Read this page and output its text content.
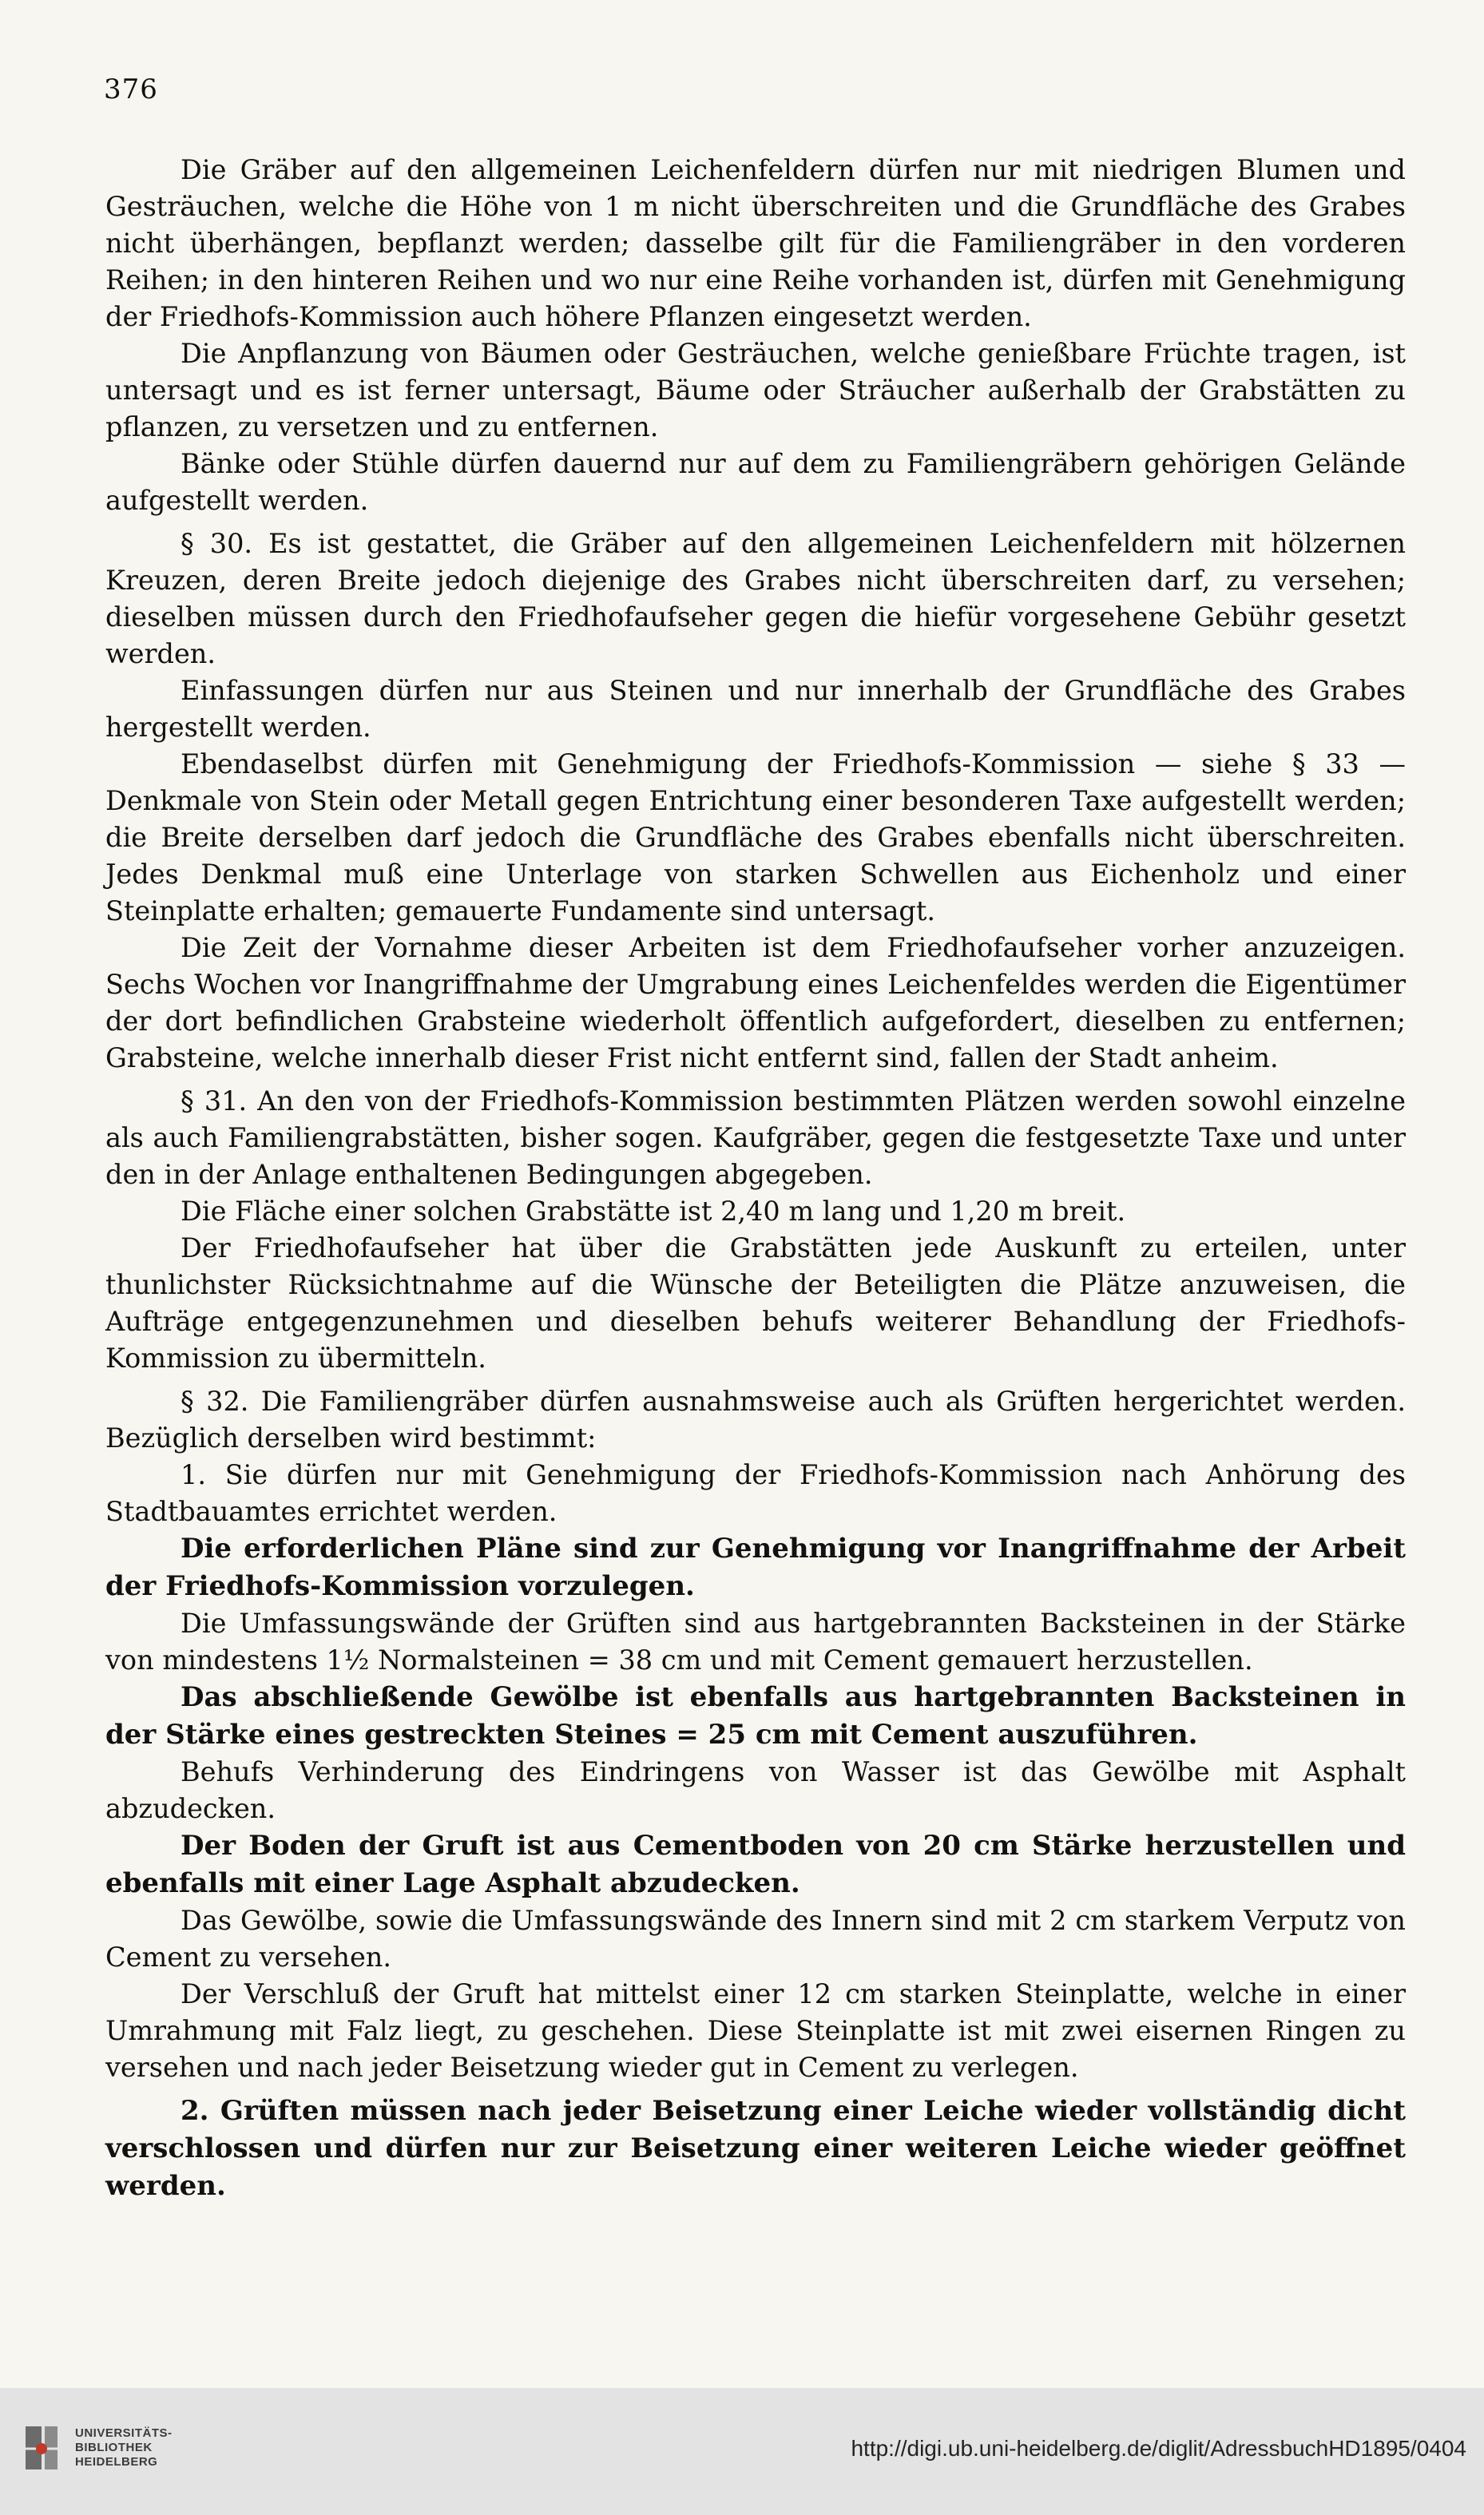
376

Die Gräber auf den allgemeinen Leichenfeldern dürfen nur mit niedrigen Blumen und Gesträuchen, welche die Höhe von 1 m nicht überschreiten und die Grundfläche des Grabes nicht überhängen, bepflanzt werden; dasselbe gilt für die Familiengräber in den vorderen Reihen; in den hinteren Reihen und wo nur eine Reihe vorhanden ist, dürfen mit Genehmigung der Friedhofs-Kommission auch höhere Pflanzen eingesetzt werden.

Die Anpflanzung von Bäumen oder Gesträuchen, welche genießbare Früchte tragen, ist untersagt und es ist ferner untersagt, Bäume oder Sträucher außerhalb der Grabstätten zu pflanzen, zu versetzen und zu entfernen.

Bänke oder Stühle dürfen dauernd nur auf dem zu Familiengräbern gehörigen Gelände aufgestellt werden.

§ 30. Es ist gestattet, die Gräber auf den allgemeinen Leichenfeldern mit hölzernen Kreuzen, deren Breite jedoch diejenige des Grabes nicht überschreiten darf, zu versehen; dieselben müssen durch den Friedhofaufseher gegen die hiefür vorgesehene Gebühr gesetzt werden.

Einfassungen dürfen nur aus Steinen und nur innerhalb der Grundfläche des Grabes hergestellt werden.

Ebendaselbst dürfen mit Genehmigung der Friedhofs-Kommission — siehe § 33 — Denkmale von Stein oder Metall gegen Entrichtung einer besonderen Taxe aufgestellt werden; die Breite derselben darf jedoch die Grundfläche des Grabes ebenfalls nicht überschreiten. Jedes Denkmal muß eine Unterlage von starken Schwellen aus Eichenholz und einer Steinplatte erhalten; gemauerte Fundamente sind untersagt.

Die Zeit der Vornahme dieser Arbeiten ist dem Friedhofaufseher vorher anzuzeigen. Sechs Wochen vor Inangriffnahme der Umgrabung eines Leichenfeldes werden die Eigentümer der dort befindlichen Grabsteine wiederholt öffentlich aufgefordert, dieselben zu entfernen; Grabsteine, welche innerhalb dieser Frist nicht entfernt sind, fallen der Stadt anheim.

§ 31. An den von der Friedhofs-Kommission bestimmten Plätzen werden sowohl einzelne als auch Familiengrabstätten, bisher sogen. Kaufgräber, gegen die festgesetzte Taxe und unter den in der Anlage enthaltenen Bedingungen abgegeben.

Die Fläche einer solchen Grabstätte ist 2,40 m lang und 1,20 m breit.

Der Friedhofaufseher hat über die Grabstätten jede Auskunft zu erteilen, unter thunlichster Rücksichtnahme auf die Wünsche der Beteiligten die Plätze anzuweisen, die Aufträge entgegenzunehmen und dieselben behufs weiterer Behandlung der Friedhofs-Kommission zu übermitteln.

§ 32. Die Familiengräber dürfen ausnahmsweise auch als Grüften hergerichtet werden. Bezüglich derselben wird bestimmt:

1. Sie dürfen nur mit Genehmigung der Friedhofs-Kommission nach Anhörung des Stadtbauamtes errichtet werden.

Die erforderlichen Pläne sind zur Genehmigung vor Inangriffnahme der Arbeit der Friedhofs-Kommission vorzulegen.

Die Umfassungswände der Grüften sind aus hartgebrannten Backsteinen in der Stärke von mindestens 1½ Normalsteinen = 38 cm und mit Cement gemauert herzustellen.

Das abschließende Gewölbe ist ebenfalls aus hartgebrannten Backsteinen in der Stärke eines gestreckten Steines = 25 cm mit Cement auszuführen.

Behufs Verhinderung des Eindringens von Wasser ist das Gewölbe mit Asphalt abzudecken.

Der Boden der Gruft ist aus Cementboden von 20 cm Stärke herzustellen und ebenfalls mit einer Lage Asphalt abzudecken.

Das Gewölbe, sowie die Umfassungswände des Innern sind mit 2 cm starkem Verputz von Cement zu versehen.

Der Verschluß der Gruft hat mittelst einer 12 cm starken Steinplatte, welche in einer Umrahmung mit Falz liegt, zu geschehen. Diese Steinplatte ist mit zwei eisernen Ringen zu versehen und nach jeder Beisetzung wieder gut in Cement zu verlegen.

2. Grüften müssen nach jeder Beisetzung einer Leiche wieder vollständig dicht verschlossen und dürfen nur zur Beisetzung einer weiteren Leiche wieder geöffnet werden.

UNIVERSITÄTS-
BIBLIOTHEK
HEIDELBERG
http://digi.ub.uni-heidelberg.de/diglit/AdressbuchHD1895/0404
